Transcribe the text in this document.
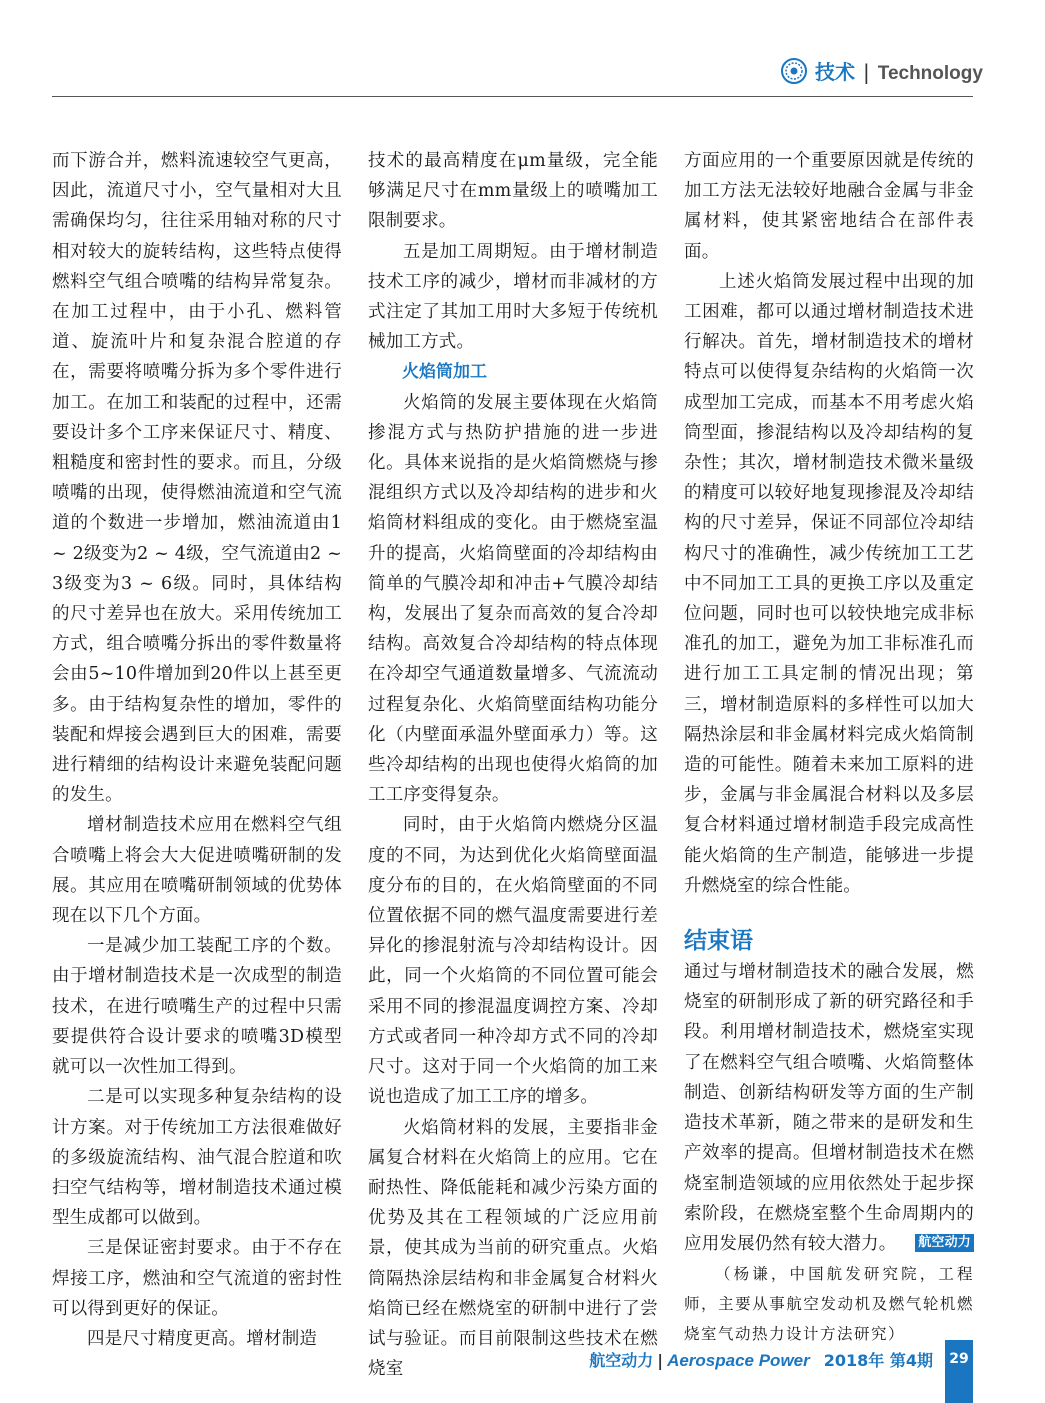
技术 | Technology

而下游合并，燃料流速较空气更高，因此，流道尺寸小，空气量相对大且需确保均匀，往往采用轴对称的尺寸相对较大的旋转结构，这些特点使得燃料空气组合喷嘴的结构异常复杂。在加工过程中，由于小孔、燃料管道、旋流叶片和复杂混合腔道的存在，需要将喷嘴分拆为多个零件进行加工。在加工和装配的过程中，还需要设计多个工序来保证尺寸、精度、粗糙度和密封性的要求。而且，分级喷嘴的出现，使得燃油流道和空气流道的个数进一步增加，燃油流道由1 ~ 2级变为2 ~ 4级，空气流道由2 ~ 3级变为3 ~ 6级。同时，具体结构的尺寸差异也在放大。采用传统加工方式，组合喷嘴分拆出的零件数量将会由5~10件增加到20件以上甚至更多。由于结构复杂性的增加，零件的装配和焊接会遇到巨大的困难，需要进行精细的结构设计来避免装配问题的发生。

增材制造技术应用在燃料空气组合喷嘴上将会大大促进喷嘴研制的发展。其应用在喷嘴研制领域的优势体现在以下几个方面。

一是减少加工装配工序的个数。由于增材制造技术是一次成型的制造技术，在进行喷嘴生产的过程中只需要提供符合设计要求的喷嘴3D模型就可以一次性加工得到。

二是可以实现多种复杂结构的设计方案。对于传统加工方法很难做好的多级旋流结构、油气混合腔道和吹扫空气结构等，增材制造技术通过模型生成都可以做到。

三是保证密封要求。由于不存在焊接工序，燃油和空气流道的密封性可以得到更好的保证。

四是尺寸精度更高。增材制造

技术的最高精度在μm量级，完全能够满足尺寸在mm量级上的喷嘴加工限制要求。

五是加工周期短。由于增材制造技术工序的减少，增材而非减材的方式注定了其加工用时大多短于传统机械加工方式。

火焰筒加工

火焰筒的发展主要体现在火焰筒掺混方式与热防护措施的进一步进化。具体来说指的是火焰筒燃烧与掺混组织方式以及冷却结构的进步和火焰筒材料组成的变化。由于燃烧室温升的提高，火焰筒壁面的冷却结构由简单的气膜冷却和冲击+气膜冷却结构，发展出了复杂而高效的复合冷却结构。高效复合冷却结构的特点体现在冷却空气通道数量增多、气流流动过程复杂化、火焰筒壁面结构功能分化（内壁面承温外壁面承力）等。这些冷却结构的出现也使得火焰筒的加工工序变得复杂。

同时，由于火焰筒内燃烧分区温度的不同，为达到优化火焰筒壁面温度分布的目的，在火焰筒壁面的不同位置依据不同的燃气温度需要进行差异化的掺混射流与冷却结构设计。因此，同一个火焰筒的不同位置可能会采用不同的掺混温度调控方案、冷却方式或者同一种冷却方式不同的冷却尺寸。这对于同一个火焰筒的加工来说也造成了加工工序的增多。

火焰筒材料的发展，主要指非金属复合材料在火焰筒上的应用。它在耐热性、降低能耗和减少污染方面的优势及其在工程领域的广泛应用前景，使其成为当前的研究重点。火焰筒隔热涂层结构和非金属复合材料火焰筒已经在燃烧室的研制中进行了尝试与验证。而目前限制这些技术在燃烧室

方面应用的一个重要原因就是传统的加工方法无法较好地融合金属与非金属材料，使其紧密地结合在部件表面。

上述火焰筒发展过程中出现的加工困难，都可以通过增材制造技术进行解决。首先，增材制造技术的增材特点可以使得复杂结构的火焰筒一次成型加工完成，而基本不用考虑火焰筒型面，掺混结构以及冷却结构的复杂性；其次，增材制造技术微米量级的精度可以较好地复现掺混及冷却结构的尺寸差异，保证不同部位冷却结构尺寸的准确性，减少传统加工工艺中不同加工工具的更换工序以及重定位问题，同时也可以较快地完成非标准孔的加工，避免为加工非标准孔而进行加工工具定制的情况出现；第三，增材制造原料的多样性可以加大隔热涂层和非金属材料完成火焰筒制造的可能性。随着未来加工原料的进步，金属与非金属混合材料以及多层复合材料通过增材制造手段完成高性能火焰筒的生产制造，能够进一步提升燃烧室的综合性能。

结束语

通过与增材制造技术的融合发展，燃烧室的研制形成了新的研究路径和手段。利用增材制造技术，燃烧室实现了在燃料空气组合喷嘴、火焰筒整体制造、创新结构研发等方面的生产制造技术革新，随之带来的是研发和生产效率的提高。但增材制造技术在燃烧室制造领域的应用依然处于起步探索阶段，在燃烧室整个生命周期内的应用发展仍然有较大潜力。 航空动力

（杨谦，中国航发研究院，工程师，主要从事航空发动机及燃气轮机燃烧室气动热力设计方法研究）

航空动力 | Aerospace Power 2018年 第4期	29
